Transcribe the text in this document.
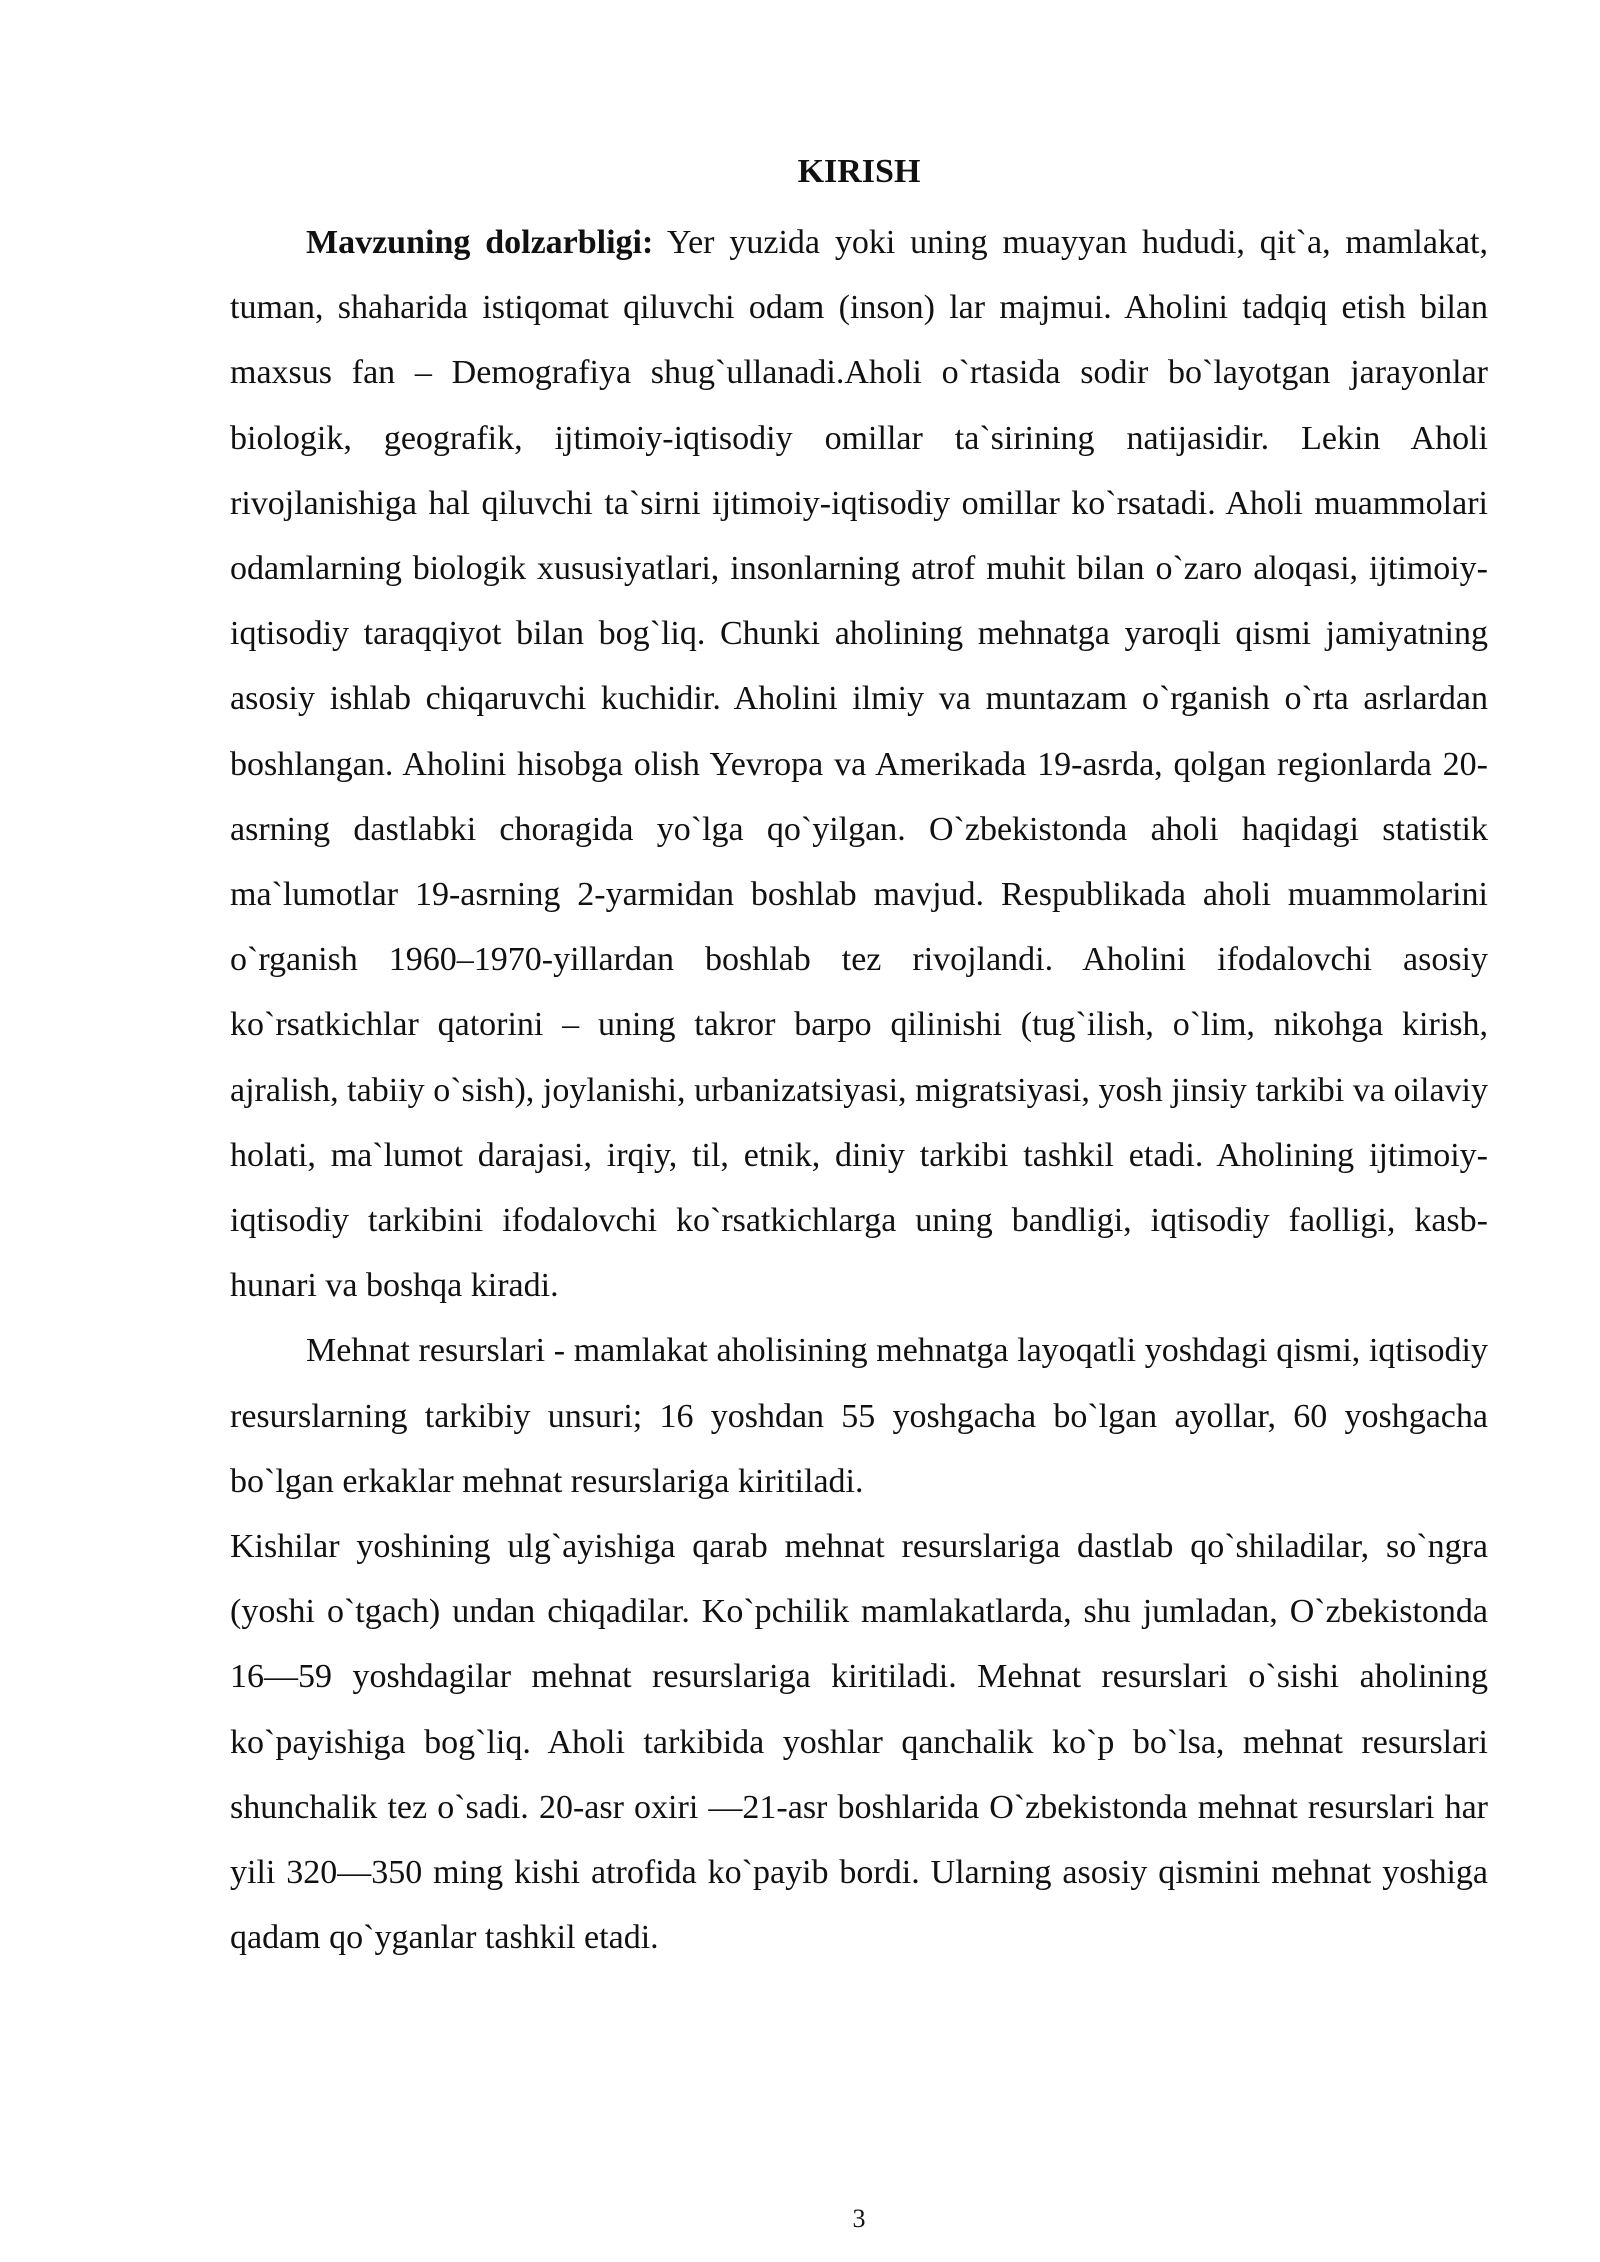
KIRISH

Mavzuning dolzarbligi: Yer yuzida yoki uning muayyan hududi, qit`a, mamlakat, tuman, shaharida istiqomat qiluvchi odam (inson) lar majmui. Aholini tadqiq etish bilan maxsus fan – Demografiya shug`ullanadi.Aholi o`rtasida sodir bo`layotgan jarayonlar biologik, geografik, ijtimoiy-iqtisodiy omillar ta`sirining natijasidir. Lekin Aholi rivojlanishiga hal qiluvchi ta`sirni ijtimoiy-iqtisodiy omillar ko`rsatadi. Aholi muammolari odamlarning biologik xususiyatlari, insonlarning atrof muhit bilan o`zaro aloqasi, ijtimoiy-iqtisodiy taraqqiyot bilan bog`liq. Chunki aholining mehnatga yaroqli qismi jamiyatning asosiy ishlab chiqaruvchi kuchidir. Aholini ilmiy va muntazam o`rganish o`rta asrlardan boshlangan. Aholini hisobga olish Yevropa va Amerikada 19-asrda, qolgan regionlarda 20-asrning dastlabki choragida yo`lga qo`yilgan. O`zbekistonda aholi haqidagi statistik ma`lumotlar 19-asrning 2-yarmidan boshlab mavjud. Respublikada aholi muammolarini o`rganish 1960–1970-yillardan boshlab tez rivojlandi. Aholini ifodalovchi asosiy ko`rsatkichlar qatorini – uning takror barpo qilinishi (tug`ilish, o`lim, nikohga kirish, ajralish, tabiiy o`sish), joylanishi, urbanizatsiyasi, migratsiyasi, yosh jinsiy tarkibi va oilaviy holati, ma`lumot darajasi, irqiy, til, etnik, diniy tarkibi tashkil etadi. Aholining ijtimoiy-iqtisodiy tarkibini ifodalovchi ko`rsatkichlarga uning bandligi, iqtisodiy faolligi, kasb-hunari va boshqa kiradi.

Mehnat resurslari - mamlakat aholisining mehnatga layoqatli yoshdagi qismi, iqtisodiy resurslarning tarkibiy unsuri; 16 yoshdan 55 yoshgacha bo`lgan ayollar, 60 yoshgacha bo`lgan erkaklar mehnat resurslariga kiritiladi.

Kishilar yoshining ulg`ayishiga qarab mehnat resurslariga dastlab qo`shiladilar, so`ngra (yoshi o`tgach) undan chiqadilar. Ko`pchilik mamlakatlarda, shu jumladan, O`zbekistonda 16—59 yoshdagilar mehnat resurslariga kiritiladi. Mehnat resurslari o`sishi aholining ko`payishiga bog`liq. Aholi tarkibida yoshlar qanchalik ko`p bo`lsa, mehnat resurslari shunchalik tez o`sadi. 20-asr oxiri —21-asr boshlarida O`zbekistonda mehnat resurslari har yili 320—350 ming kishi atrofida ko`payib bordi. Ularning asosiy qismini mehnat yoshiga qadam qo`yganlar tashkil etadi.

3
